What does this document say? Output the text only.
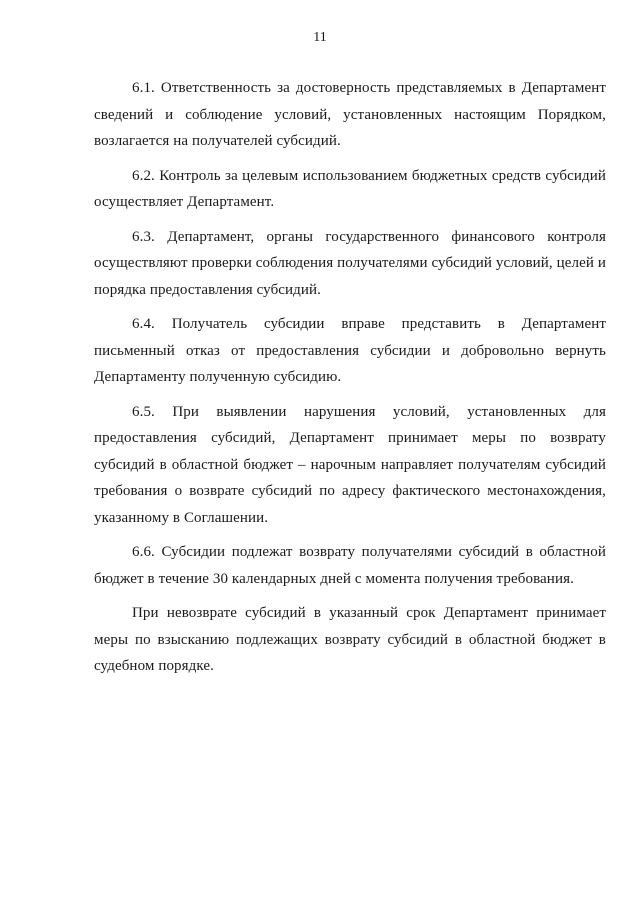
11

6.1. Ответственность за достоверность представляемых в Департамент сведений и соблюдение условий, установленных настоящим Порядком, возлагается на получателей субсидий.

6.2. Контроль за целевым использованием бюджетных средств субсидий осуществляет Департамент.

6.3. Департамент, органы государственного финансового контроля осуществляют проверки соблюдения получателями субсидий условий, целей и порядка предоставления субсидий.

6.4. Получатель субсидии вправе представить в Департамент письменный отказ от предоставления субсидии и добровольно вернуть Департаменту полученную субсидию.

6.5. При выявлении нарушения условий, установленных для предоставления субсидий, Департамент принимает меры по возврату субсидий в областной бюджет – нарочным направляет получателям субсидий требования о возврате субсидий по адресу фактического местонахождения, указанному в Соглашении.

6.6. Субсидии подлежат возврату получателями субсидий в областной бюджет в течение 30 календарных дней с момента получения требования.

При невозврате субсидий в указанный срок Департамент принимает меры по взысканию подлежащих возврату субсидий в областной бюджет в судебном порядке.
